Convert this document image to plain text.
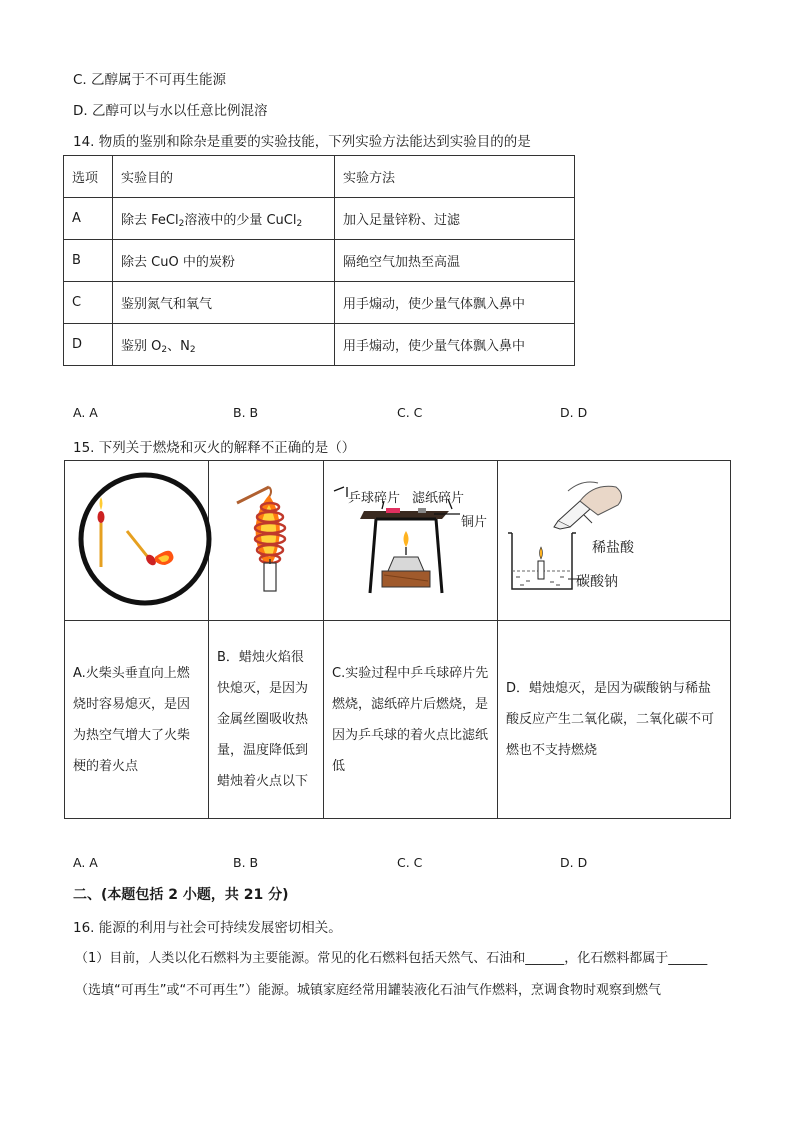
C. 乙醇属于不可再生能源
D. 乙醇可以与水以任意比例混溶
14. 物质的鉴别和除杂是重要的实验技能，下列实验方法能达到实验目的的是
选项	实验目的	实验方法
A	除去 FeCl$_2$溶液中的少量 CuCl$_2$	加入足量锌粉、过滤
B	除去 CuO 中的炭粉	隔绝空气加热至高温
C	鉴别氮气和氧气	用手煽动，使少量气体飘入鼻中
D	鉴别 $O_2$、$N_2$	用手煽动，使少量气体飘入鼻中
A. A	B. B	C. C	D. D
15. 下列关于燃烧和灭火的解释不正确的是（）

乒球碎片 滤纸碎片
铜片	稀盐酸
碳酸钠

A.火柴头垂直向上燃烧时容易熄灭，是因为热空气增大了火柴梗的着火点	B．蜡烛火焰很快熄灭，是因为金属丝圈吸收热量，温度降低到蜡烛着火点以下	C.实验过程中乒乓球碎片先燃烧，滤纸碎片后燃烧，是因为乒乓球的着火点比滤纸低	D．蜡烛熄灭，是因为碳酸钠与稀盐酸反应产生二氧化碳，二氧化碳不可燃也不支持燃烧
A. A	B. B	C. C	D. D
二、(本题包括 2 小题，共 21 分)
16. 能源的利用与社会可持续发展密切相关。
（1）目前，人类以化石燃料为主要能源。常见的化石燃料包括天然气、石油和______，化石燃料都属于______
（选填“可再生”或“不可再生”）能源。城镇家庭经常用罐装液化石油气作燃料，烹调食物时观察到燃气
